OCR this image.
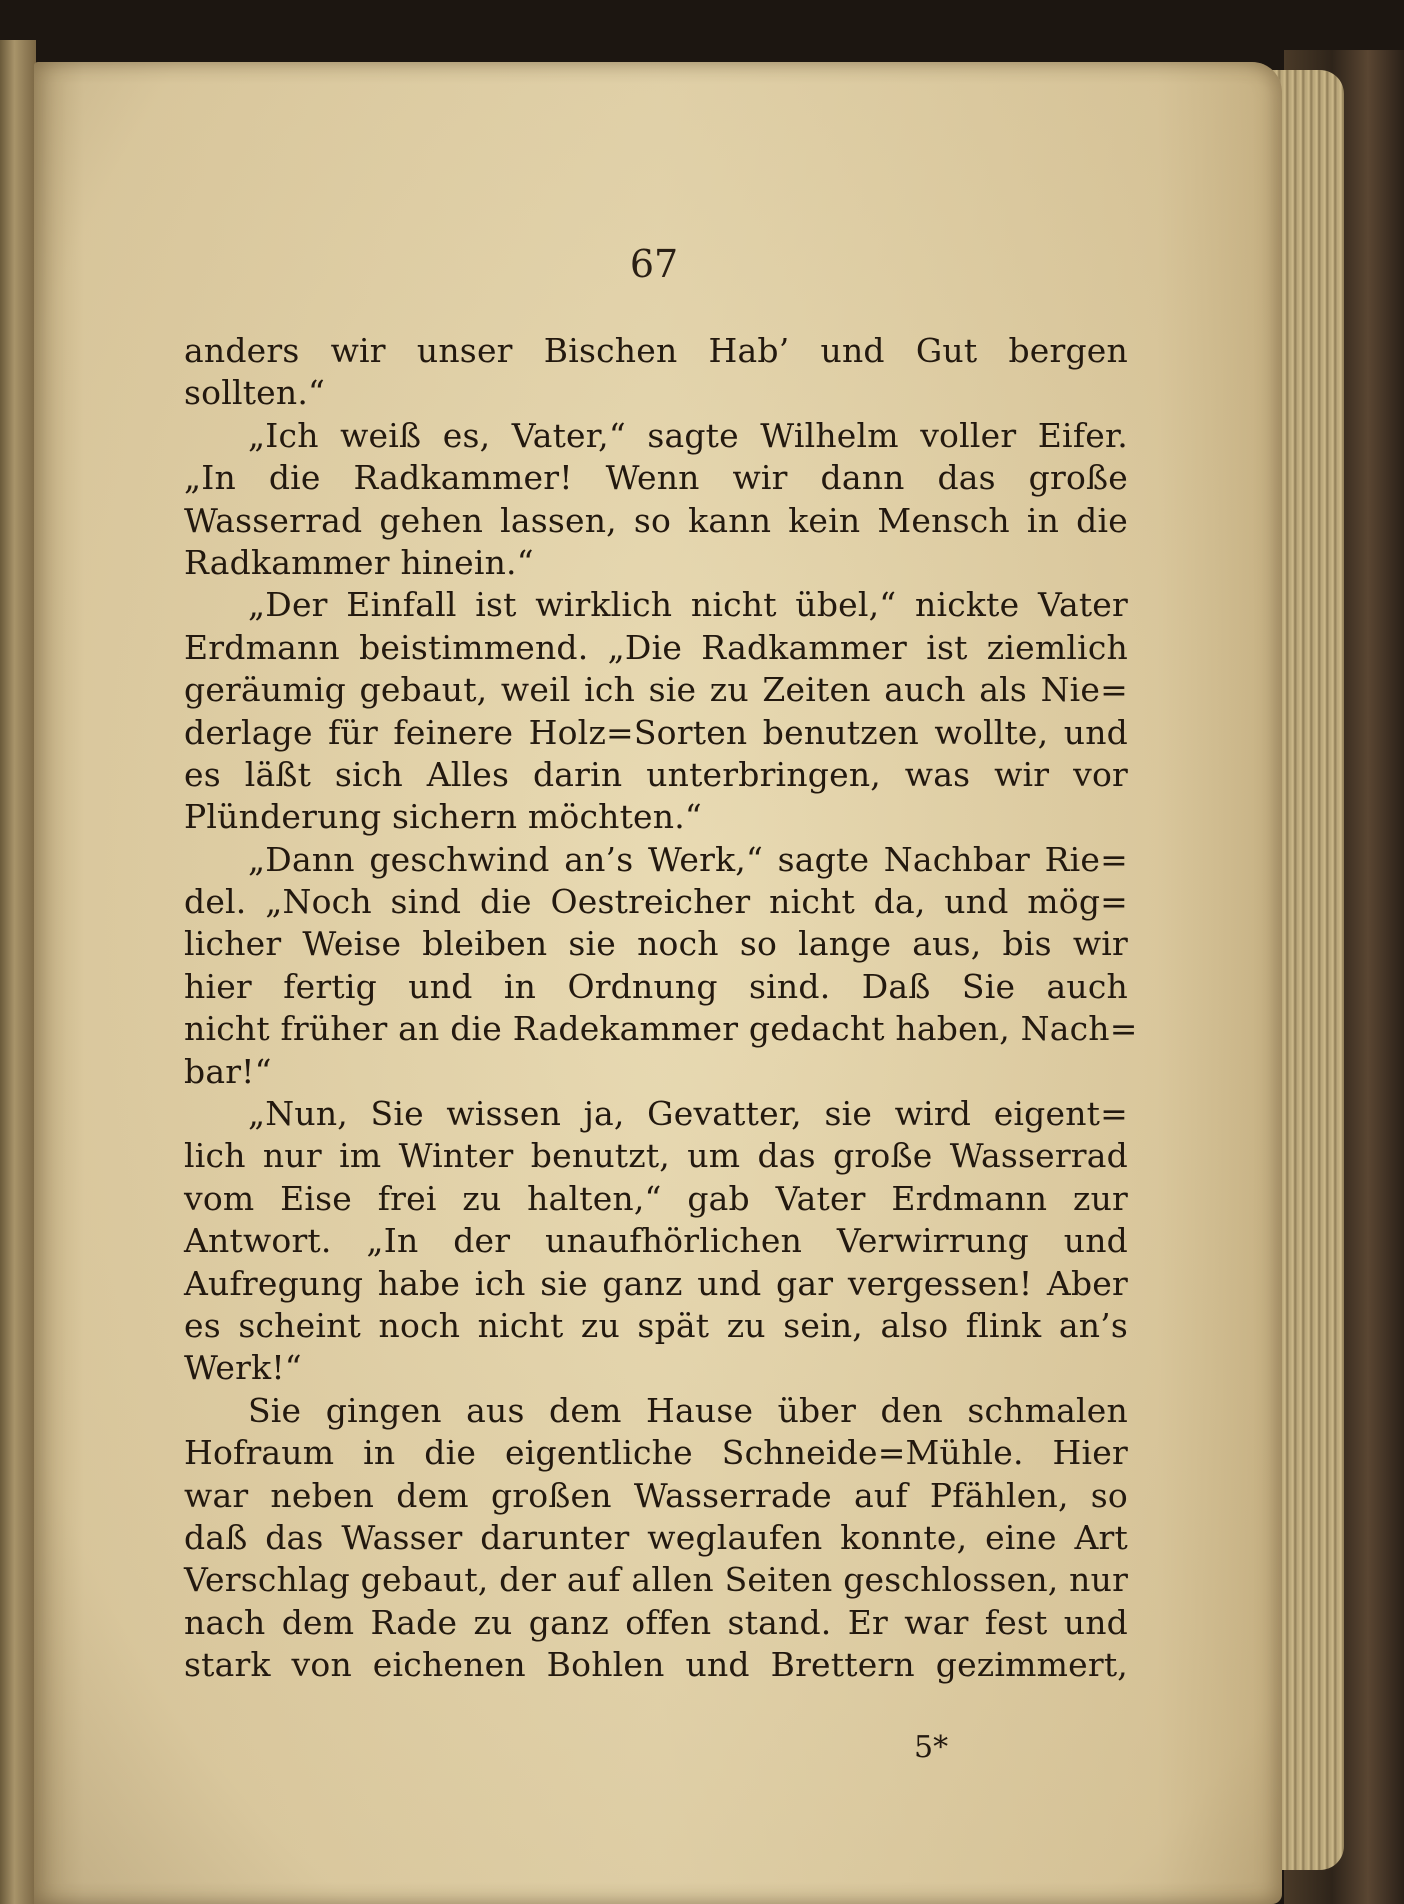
67
anders wir unser Bischen Hab’ und Gut bergen
sollten.“
„Ich weiß es, Vater,“ sagte Wilhelm voller Eifer.
„In die Radkammer! Wenn wir dann das große
Wasserrad gehen lassen, so kann kein Mensch in die
Radkammer hinein.“
„Der Einfall ist wirklich nicht übel,“ nickte Vater
Erdmann beistimmend. „Die Radkammer ist ziemlich
geräumig gebaut, weil ich sie zu Zeiten auch als Nie=
derlage für feinere Holz=Sorten benutzen wollte, und
es läßt sich Alles darin unterbringen, was wir vor
Plünderung sichern möchten.“
„Dann geschwind an’s Werk,“ sagte Nachbar Rie=
del. „Noch sind die Oestreicher nicht da, und mög=
licher Weise bleiben sie noch so lange aus, bis wir
hier fertig und in Ordnung sind. Daß Sie auch
nicht früher an die Radekammer gedacht haben, Nach=
bar!“
„Nun, Sie wissen ja, Gevatter, sie wird eigent=
lich nur im Winter benutzt, um das große Wasserrad
vom Eise frei zu halten,“ gab Vater Erdmann zur
Antwort. „In der unaufhörlichen Verwirrung und
Aufregung habe ich sie ganz und gar vergessen! Aber
es scheint noch nicht zu spät zu sein, also flink an’s
Werk!“
Sie gingen aus dem Hause über den schmalen
Hofraum in die eigentliche Schneide=Mühle. Hier
war neben dem großen Wasserrade auf Pfählen, so
daß das Wasser darunter weglaufen konnte, eine Art
Verschlag gebaut, der auf allen Seiten geschlossen, nur
nach dem Rade zu ganz offen stand. Er war fest und
stark von eichenen Bohlen und Brettern gezimmert,
5*
